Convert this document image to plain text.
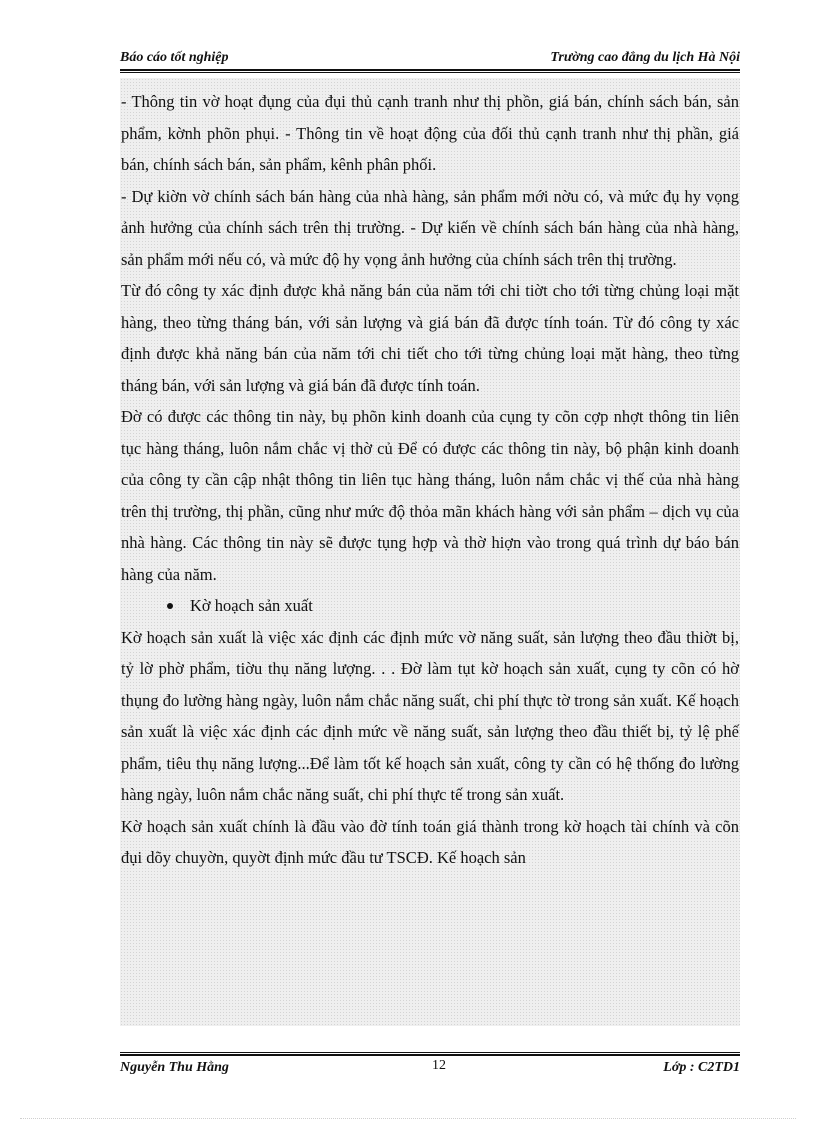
Báo cáo tốt nghiệp	Trường cao đẳng du lịch Hà Nội

- Thông tin vờ hoạt đụng của đụi thủ cạnh tranh như thị phồn, giá bán, chính sách bán, sản phẩm, kờnh phõn phụi. - Thông tin về hoạt động của đối thủ cạnh tranh như thị phần, giá bán, chính sách bán, sản phẩm, kênh phân phối.

- Dự kiờn vờ chính sách bán hàng của nhà hàng, sản phẩm mới nờu có, và mức đụ hy vọng ảnh hưởng của chính sách trên thị trường. - Dự kiến về chính sách bán hàng của nhà hàng, sản phẩm mới nếu có, và mức độ hy vọng ảnh hưởng của chính sách trên thị trường.

Từ đó công ty xác định được khả năng bán của năm tới chi tiờt cho tới từng chủng loại mặt hàng, theo từng tháng bán, với sản lượng và giá bán đã được tính toán. Từ đó công ty xác định được khả năng bán của năm tới chi tiết cho tới từng chủng loại mặt hàng, theo từng tháng bán, với sản lượng và giá bán đã được tính toán.

Đờ có được các thông tin này, bụ phõn kinh doanh của cụng ty cõn cợp nhợt thông tin liên tục hàng tháng, luôn nắm chắc vị thờ củ Để có được các thông tin này, bộ phận kinh doanh của công ty cần cập nhật thông tin liên tục hàng tháng, luôn nắm chắc vị thế của nhà hàng trên thị trường, thị phần, cũng như mức độ thỏa mãn khách hàng với sản phẩm – dịch vụ của nhà hàng. Các thông tin này sẽ được tụng hợp và thờ hiợn vào trong quá trình dự báo bán hàng của năm.

Kờ hoạch sản xuất

Kờ hoạch sản xuất là việc xác định các định mức vờ năng suất, sản lượng theo đầu thiờt bị, tỷ lờ phờ phẩm, tiờu thụ năng lượng. . . Đờ làm tụt kờ hoạch sản xuất, cụng ty cõn có hờ thụng đo lường hàng ngày, luôn nắm chắc năng suất, chi phí thực tờ trong sản xuất. Kế hoạch sản xuất là việc xác định các định mức về năng suất, sản lượng theo đầu thiết bị, tỷ lệ phế phẩm, tiêu thụ năng lượng...Để làm tốt kế hoạch sản xuất, công ty cần có hệ thống đo lường hàng ngày, luôn nắm chắc năng suất, chi phí thực tế trong sản xuất.

Kờ hoạch sản xuất chính là đầu vào đờ tính toán giá thành trong kờ hoạch tài chính và cõn đụi dõy chuyờn, quyờt định mức đầu tư TSCĐ. Kế hoạch sản

Nguyễn Thu Hằng	12	Lớp : C2TD1
